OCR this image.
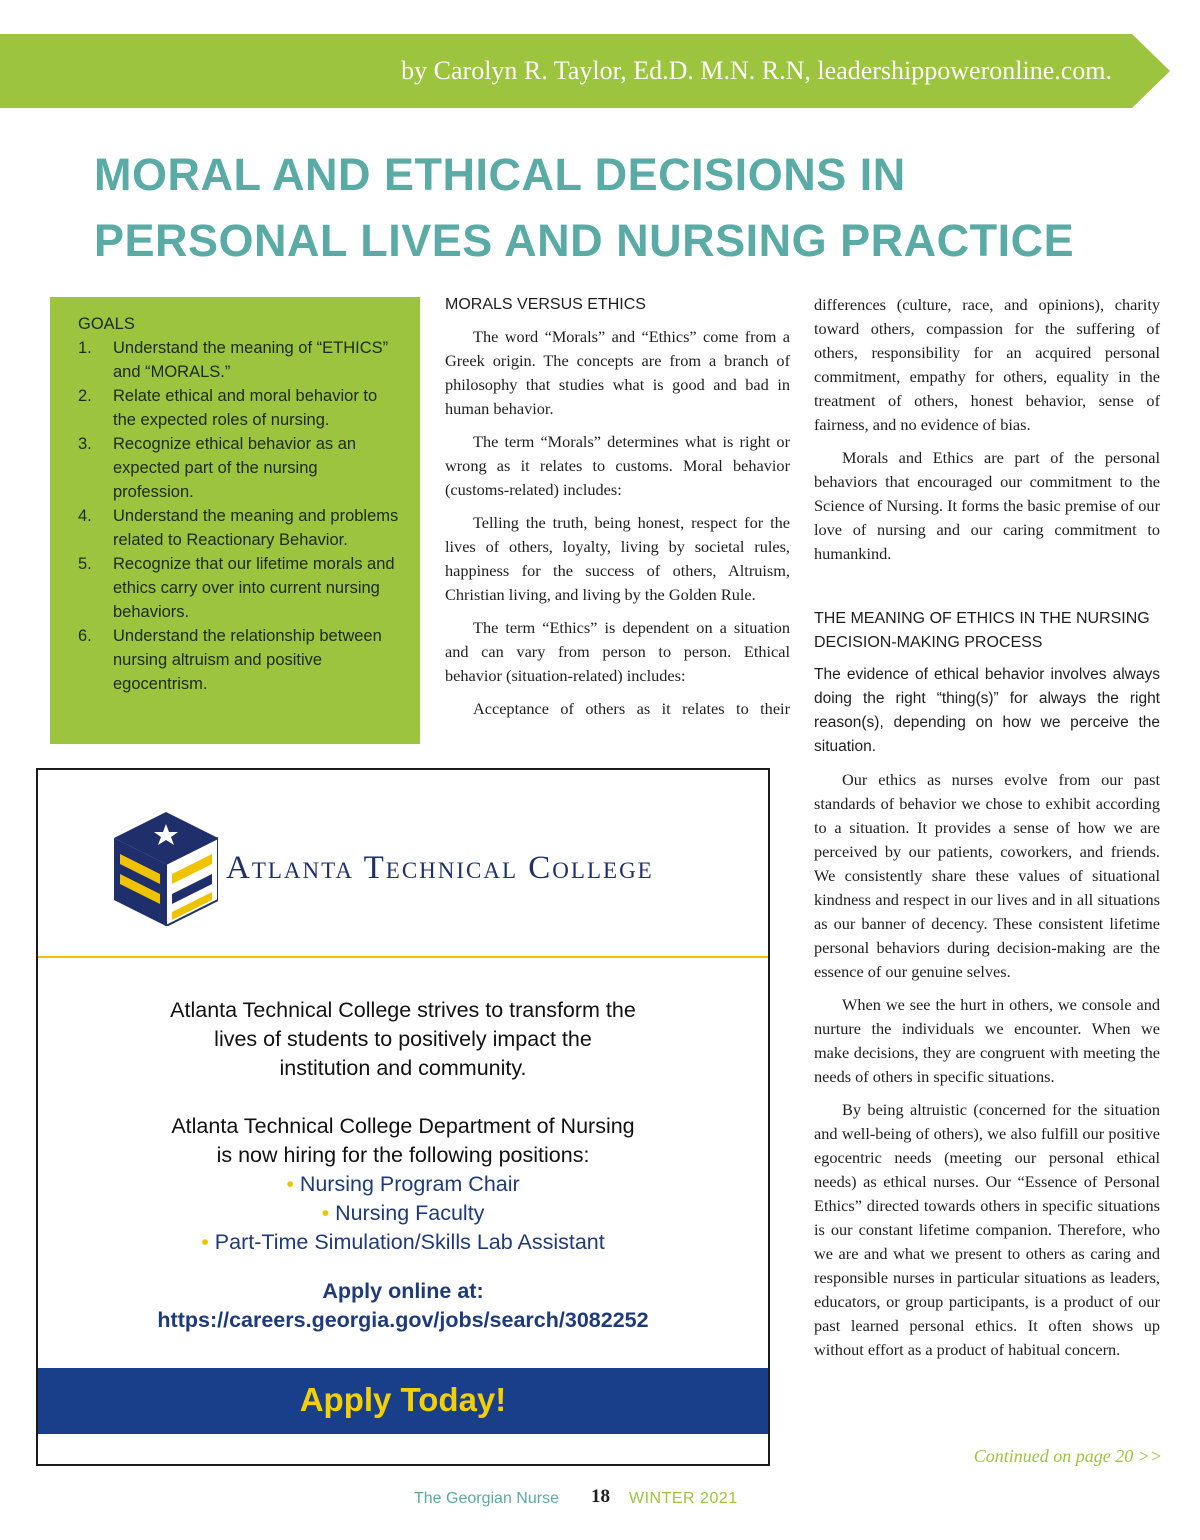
by Carolyn R. Taylor, Ed.D. M.N. R.N, leadershippoweronline.com.
MORAL AND ETHICAL DECISIONS IN
PERSONAL LIVES AND NURSING PRACTICE
GOALS
1.	Understand the meaning of “ETHICS” and “MORALS.”
2.	Relate ethical and moral behavior to the expected roles of nursing.
3.	Recognize ethical behavior as an expected part of the nursing profession.
4.	Understand the meaning and problems related to Reactionary Behavior.
5.	Recognize that our lifetime morals and ethics carry over into current nursing behaviors.
6.	Understand the relationship between nursing altruism and positive egocentrism.
MORALS VERSUS ETHICS

The word “Morals” and “Ethics” come from a Greek origin. The concepts are from a branch of philosophy that studies what is good and bad in human behavior.

The term “Morals” determines what is right or wrong as it relates to customs. Moral behavior (customs-related) includes:

Telling the truth, being honest, respect for the lives of others, loyalty, living by societal rules, happiness for the success of others, Altruism, Christian living, and living by the Golden Rule.

The term “Ethics” is dependent on a situation and can vary from person to person. Ethical behavior (situation-related) includes:

Acceptance of others as it relates to their

differences (culture, race, and opinions), charity toward others, compassion for the suffering of others, responsibility for an acquired personal commitment, empathy for others, equality in the treatment of others, honest behavior, sense of fairness, and no evidence of bias.

Morals and Ethics are part of the personal behaviors that encouraged our commitment to the Science of Nursing. It forms the basic premise of our love of nursing and our caring commitment to humankind.

THE MEANING OF ETHICS IN THE NURSING DECISION-MAKING PROCESS

The evidence of ethical behavior involves always doing the right “thing(s)” for always the right reason(s), depending on how we perceive the situation.

Our ethics as nurses evolve from our past standards of behavior we chose to exhibit according to a situation. It provides a sense of how we are perceived by our patients, coworkers, and friends. We consistently share these values of situational kindness and respect in our lives and in all situations as our banner of decency. These consistent lifetime personal behaviors during decision-making are the essence of our genuine selves.

When we see the hurt in others, we console and nurture the individuals we encounter. When we make decisions, they are congruent with meeting the needs of others in specific situations.

By being altruistic (concerned for the situation and well-being of others), we also fulfill our positive egocentric needs (meeting our personal ethical needs) as ethical nurses. Our “Essence of Personal Ethics” directed towards others in specific situations is our constant lifetime companion. Therefore, who we are and what we present to others as caring and responsible nurses in particular situations as leaders, educators, or group participants, is a product of our past learned personal ethics. It often shows up without effort as a product of habitual concern.

Atlanta Technical College
Atlanta Technical College strives to transform the
lives of students to positively impact the
institution and community.
Atlanta Technical College Department of Nursing
is now hiring for the following positions:
• Nursing Program Chair
• Nursing Faculty
• Part-Time Simulation/Skills Lab Assistant
Apply online at:
https://careers.georgia.gov/jobs/search/3082252
Apply Today!
Continued on page 20 >>
The Georgian Nurse 18 WINTER 2021
